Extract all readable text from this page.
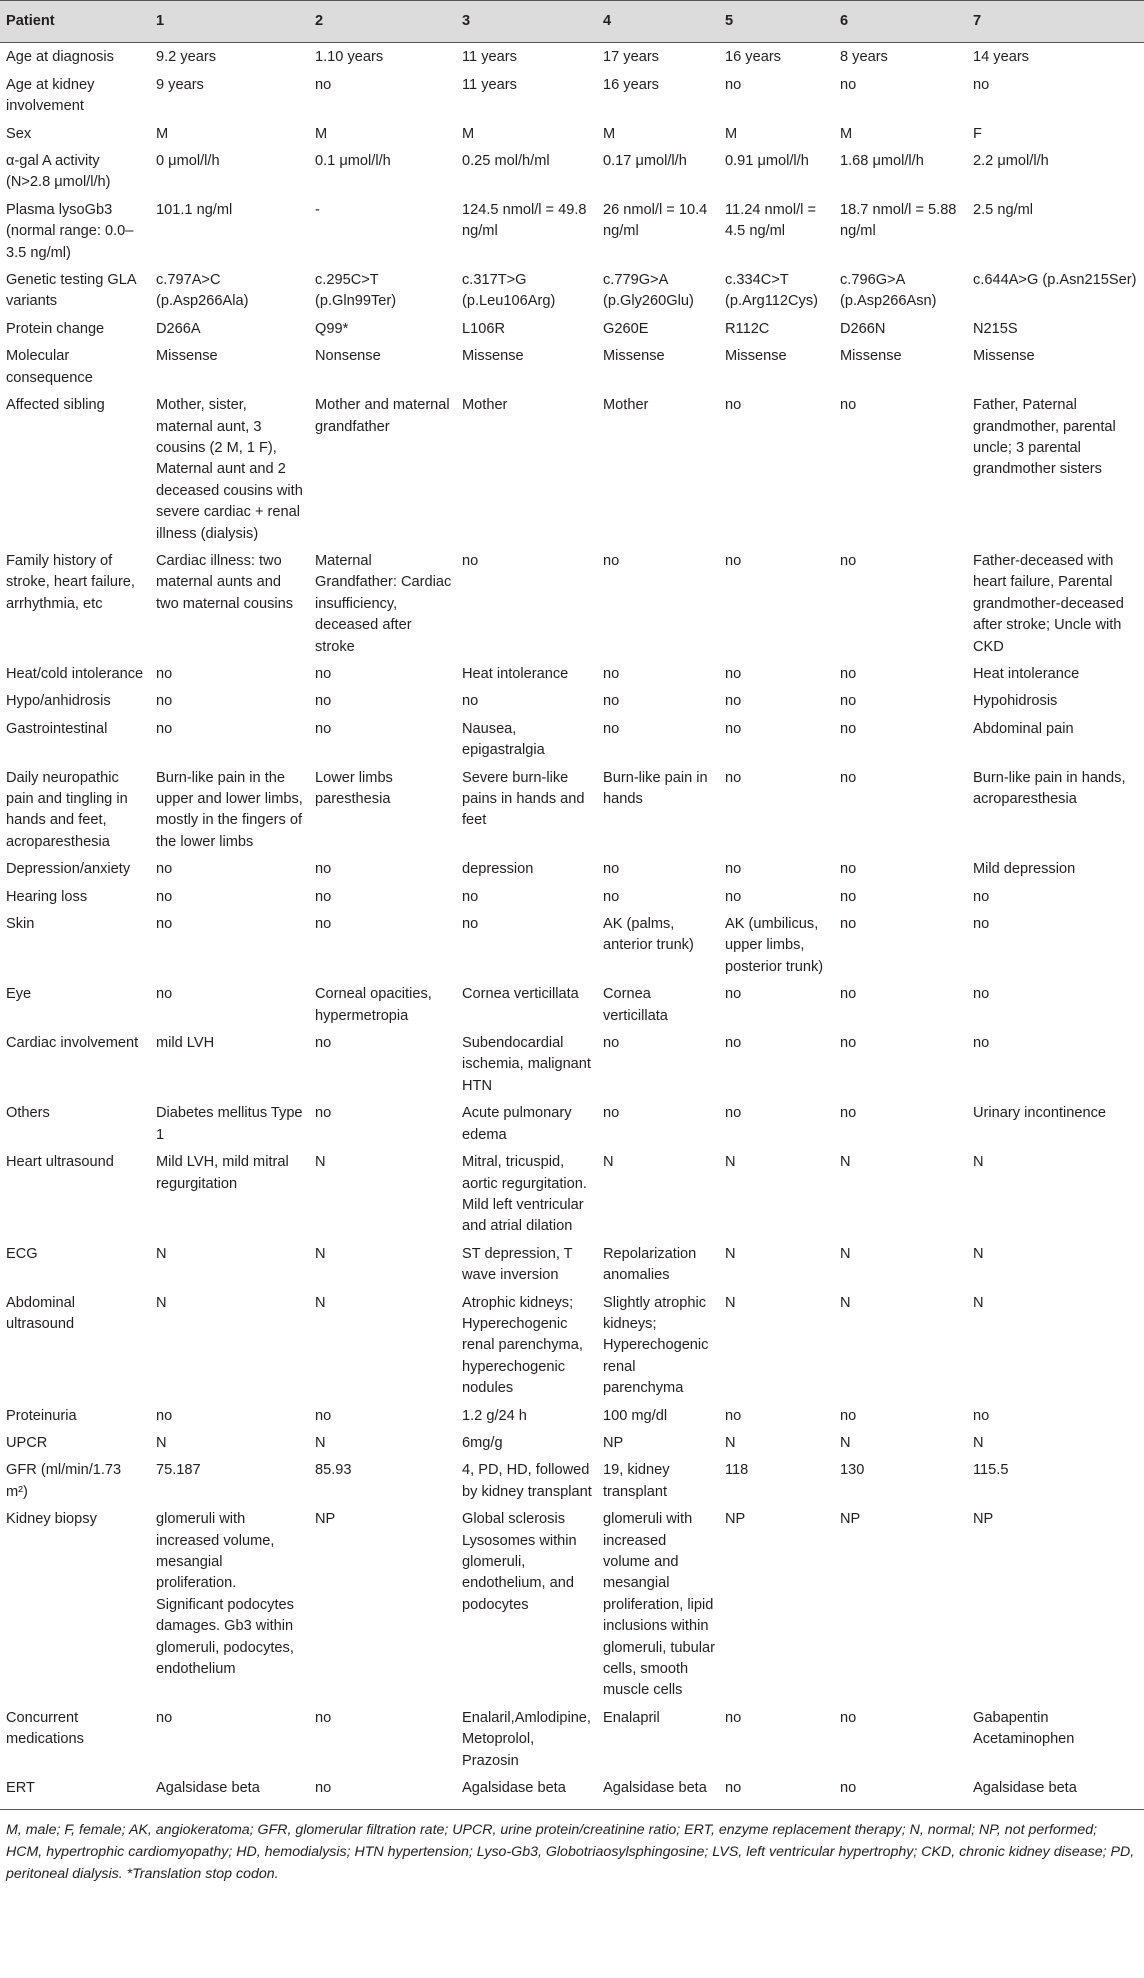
Patient	1	2	3	4	5	6	7
Age at diagnosis	9.2 years	1.10 years	11 years	17 years	16 years	8 years	14 years
Age at kidney involvement	9 years	no	11 years	16 years	no	no	no
Sex	M	M	M	M	M	M	F
α-gal A activity (N>2.8 μmol/l/h)	0 μmol/l/h	0.1 μmol/l/h	0.25 mol/h/ml	0.17 μmol/l/h	0.91 μmol/l/h	1.68 μmol/l/h	2.2 μmol/l/h
Plasma lysoGb3 (normal range: 0.0–3.5 ng/ml)	101.1 ng/ml	-	124.5 nmol/l = 49.8 ng/ml	26 nmol/l = 10.4 ng/ml	11.24 nmol/l = 4.5 ng/ml	18.7 nmol/l = 5.88 ng/ml	2.5 ng/ml
Genetic testing GLA variants	c.797A>C (p.Asp266Ala)	c.295C>T (p.Gln99Ter)	c.317T>G (p.Leu106Arg)	c.779G>A (p.Gly260Glu)	c.334C>T (p.Arg112Cys)	c.796G>A (p.Asp266Asn)	c.644A>G (p.Asn215Ser)
Protein change	D266A	Q99*	L106R	G260E	R112C	D266N	N215S
Molecular consequence	Missense	Nonsense	Missense	Missense	Missense	Missense	Missense
Affected sibling	Mother, sister, maternal aunt, 3 cousins (2 M, 1 F), Maternal aunt and 2 deceased cousins with severe cardiac + renal illness (dialysis)	Mother and maternal grandfather	Mother	Mother	no	no	Father, Paternal grandmother, parental uncle; 3 parental grandmother sisters
Family history of stroke, heart failure, arrhythmia, etc	Cardiac illness: two maternal aunts and two maternal cousins	Maternal Grandfather: Cardiac insufficiency, deceased after stroke	no	no	no	no	Father-deceased with heart failure, Parental grandmother-deceased after stroke; Uncle with CKD
Heat/cold intolerance	no	no	Heat intolerance	no	no	no	Heat intolerance
Hypo/anhidrosis	no	no	no	no	no	no	Hypohidrosis
Gastrointestinal	no	no	Nausea, epigastralgia	no	no	no	Abdominal pain
Daily neuropathic pain and tingling in hands and feet, acroparesthesia	Burn-like pain in the upper and lower limbs, mostly in the fingers of the lower limbs	Lower limbs paresthesia	Severe burn-like pains in hands and feet	Burn-like pain in hands	no	no	Burn-like pain in hands, acroparesthesia
Depression/anxiety	no	no	depression	no	no	no	Mild depression
Hearing loss	no	no	no	no	no	no	no
Skin	no	no	no	AK (palms, anterior trunk)	AK (umbilicus, upper limbs, posterior trunk)	no	no
Eye	no	Corneal opacities, hypermetropia	Cornea verticillata	Cornea verticillata	no	no	no
Cardiac involvement	mild LVH	no	Subendocardial ischemia, malignant HTN	no	no	no	no
Others	Diabetes mellitus Type 1	no	Acute pulmonary edema	no	no	no	Urinary incontinence
Heart ultrasound	Mild LVH, mild mitral regurgitation	N	Mitral, tricuspid, aortic regurgitation. Mild left ventricular and atrial dilation	N	N	N	N
ECG	N	N	ST depression, T wave inversion	Repolarization anomalies	N	N	N
Abdominal ultrasound	N	N	Atrophic kidneys; Hyperechogenic renal parenchyma, hyperechogenic nodules	Slightly atrophic kidneys; Hyperechogenic renal parenchyma	N	N	N
Proteinuria	no	no	1.2 g/24 h	100 mg/dl	no	no	no
UPCR	N	N	6mg/g	NP	N	N	N
GFR (ml/min/1.73 m²)	75.187	85.93	4, PD, HD, followed by kidney transplant	19, kidney transplant	118	130	115.5
Kidney biopsy	glomeruli with increased volume, mesangial proliferation. Significant podocytes damages. Gb3 within glomeruli, podocytes, endothelium	NP	Global sclerosis Lysosomes within glomeruli, endothelium, and podocytes	glomeruli with increased volume and mesangial proliferation, lipid inclusions within glomeruli, tubular cells, smooth muscle cells	NP	NP	NP
Concurrent medications	no	no	Enalaril,Amlodipine, Metoprolol, Prazosin	Enalapril	no	no	Gabapentin Acetaminophen
ERT	Agalsidase beta	no	Agalsidase beta	Agalsidase beta	no	no	Agalsidase beta
M, male; F, female; AK, angiokeratoma; GFR, glomerular filtration rate; UPCR, urine protein/creatinine ratio; ERT, enzyme replacement therapy; N, normal; NP, not performed;
HCM, hypertrophic cardiomyopathy; HD, hemodialysis; HTN hypertension; Lyso-Gb3, Globotriaosylsphingosine; LVS, left ventricular hypertrophy; CKD, chronic kidney disease; PD,
peritoneal dialysis. *Translation stop codon.
